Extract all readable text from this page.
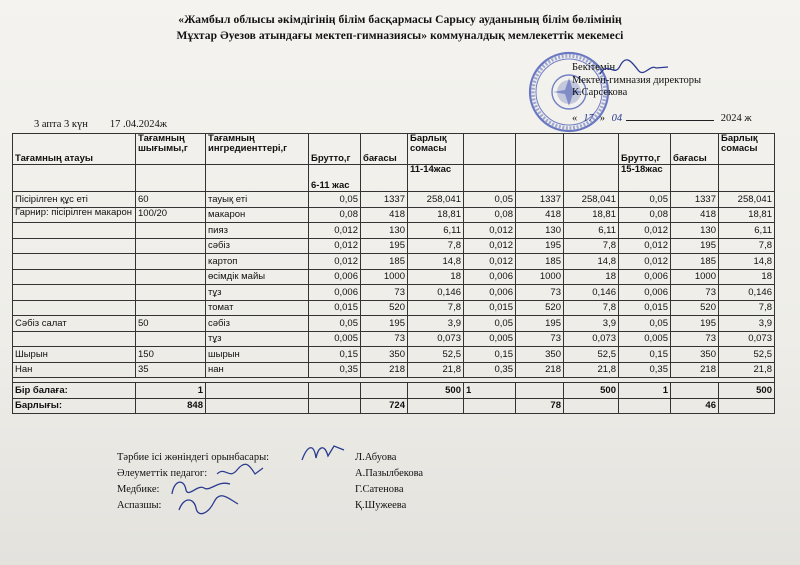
«Жамбыл облысы әкімдігінің білім басқармасы Сарысу ауданының білім бөлімінің
Мұхтар Әуезов атындағы мектеп-гимназиясы» коммуналдық мемлекеттік мекемесі
Бекітемін
Мектеп-гимназия директоры
К.Сарсекова
« 17 » 04	2024 ж
3 апта 3 күн 17 .04.2024ж
Тағамның атауы	Тағамның шығымы,г	Тағамның ингредиенттері,г	Брутто,г	бағасы	Барлық сомасы				Брутто,г	бағасы	Барлық сомасы
			6-11 жас		11-14жас				15-18жас		
Пісірілген құс еті	60	тауық еті	0,05	1337	258,041	0,05	1337	258,041	0,05	1337	258,041
Гарнир: пісірілген макарон	100/20	макарон	0,08	418	18,81	0,08	418	18,81	0,08	418	18,81
		пияз	0,012	130	6,11	0,012	130	6,11	0,012	130	6,11
		сәбіз	0,012	195	7,8	0,012	195	7,8	0,012	195	7,8
		картоп	0,012	185	14,8	0,012	185	14,8	0,012	185	14,8
		өсімдік майы	0,006	1000	18	0,006	1000	18	0,006	1000	18
		тұз	0,006	73	0,146	0,006	73	0,146	0,006	73	0,146
		томат	0,015	520	7,8	0,015	520	7,8	0,015	520	7,8
Сәбіз салат	50	сәбіз	0,05	195	3,9	0,05	195	3,9	0,05	195	3,9
		тұз	0,005	73	0,073	0,005	73	0,073	0,005	73	0,073
Шырын	150	шырын	0,15	350	52,5	0,15	350	52,5	0,15	350	52,5
Нан	35	нан	0,35	218	21,8	0,35	218	21,8	0,35	218	21,8

Бір балаға:	1				500	1		500	1		500
Барлығы:	848			724			78			46	
Тәрбие ісі жөніндегі орынбасары:	Л.Абуова
Әлеуметтік педагог:	А.Пазылбекова
Медбике:	Г.Сатенова
Аспазшы:	Қ.Шужеева
